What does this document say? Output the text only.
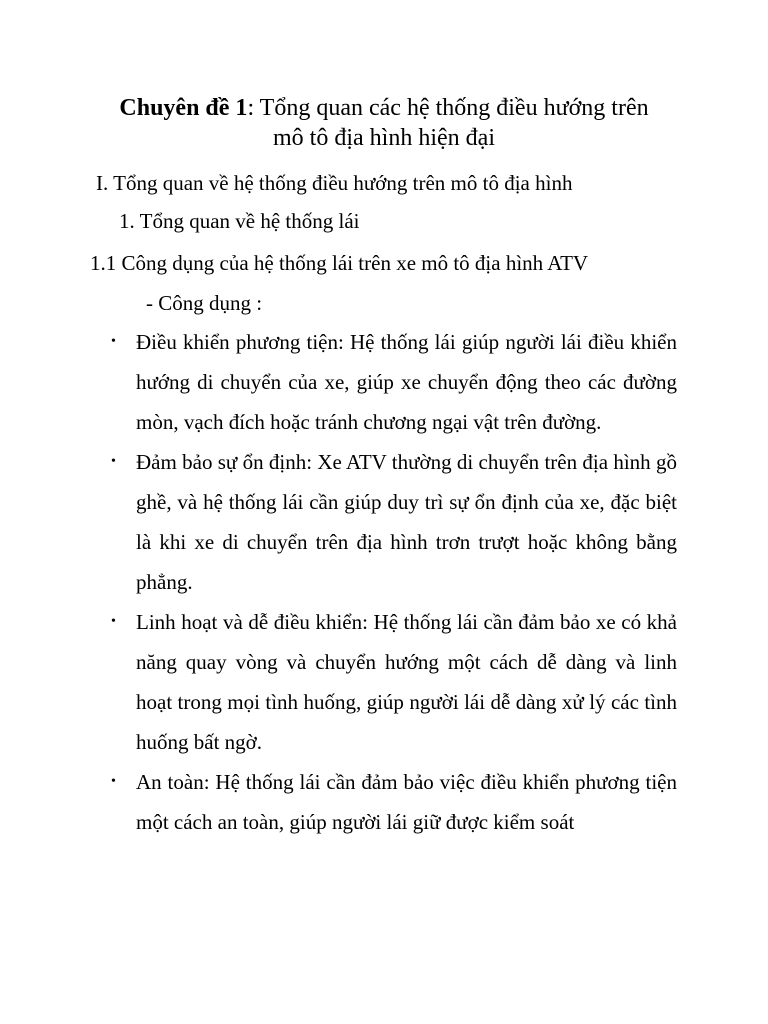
Chuyên đề 1: Tổng quan các hệ thống điều hướng trên
mô tô địa hình hiện đại
I. Tổng quan về hệ thống điều hướng trên mô tô địa hình
1. Tổng quan về hệ thống lái
1.1 Công dụng của hệ thống lái trên xe mô tô địa hình ATV
- Công dụng :
• Điều khiển phương tiện: Hệ thống lái giúp người lái điều khiển hướng di chuyển của xe, giúp xe chuyển động theo các đường mòn, vạch đích hoặc tránh chương ngại vật trên đường.
• Đảm bảo sự ổn định: Xe ATV thường di chuyển trên địa hình gồ ghề, và hệ thống lái cần giúp duy trì sự ổn định của xe, đặc biệt là khi xe di chuyển trên địa hình trơn trượt hoặc không bằng phẳng.
• Linh hoạt và dễ điều khiển: Hệ thống lái cần đảm bảo xe có khả năng quay vòng và chuyển hướng một cách dễ dàng và linh hoạt trong mọi tình huống, giúp người lái dễ dàng xử lý các tình huống bất ngờ.
• An toàn: Hệ thống lái cần đảm bảo việc điều khiển phương tiện một cách an toàn, giúp người lái giữ được kiểm soát
